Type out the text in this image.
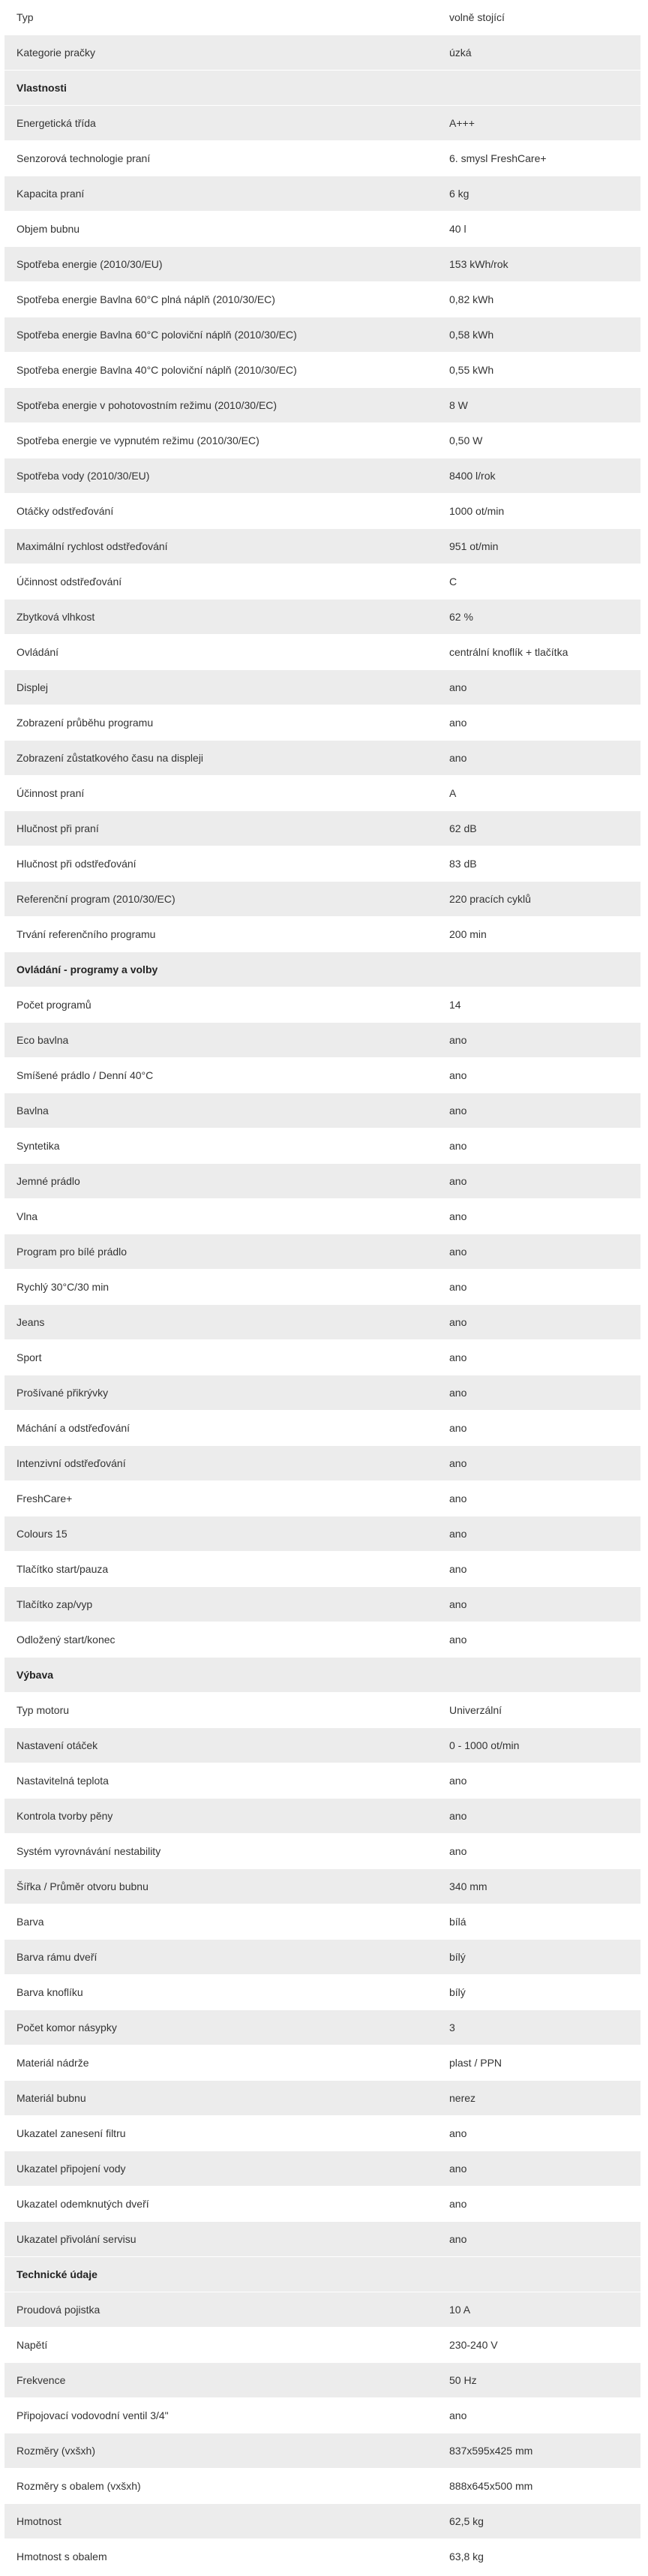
Typ	volně stojící
Kategorie pračky	úzká
Vlastnosti
Energetická třída	A+++
Senzorová technologie praní	6. smysl FreshCare+
Kapacita praní	6 kg
Objem bubnu	40 l
Spotřeba energie (2010/30/EU)	153 kWh/rok
Spotřeba energie Bavlna 60°C plná náplň (2010/30/EC)	0,82 kWh
Spotřeba energie Bavlna 60°C poloviční náplň (2010/30/EC)	0,58 kWh
Spotřeba energie Bavlna 40°C poloviční náplň (2010/30/EC)	0,55 kWh
Spotřeba energie v pohotovostním režimu (2010/30/EC)	8 W
Spotřeba energie ve vypnutém režimu (2010/30/EC)	0,50 W
Spotřeba vody (2010/30/EU)	8400 l/rok
Otáčky odstřeďování	1000 ot/min
Maximální rychlost odstřeďování	951 ot/min
Účinnost odstřeďování	C
Zbytková vlhkost	62 %
Ovládání	centrální knoflík + tlačítka
Displej	ano
Zobrazení průběhu programu	ano
Zobrazení zůstatkového času na displeji	ano
Účinnost praní	A
Hlučnost při praní	62 dB
Hlučnost při odstřeďování	83 dB
Referenční program (2010/30/EC)	220 pracích cyklů
Trvání referenčního programu	200 min
Ovládání - programy a volby
Počet programů	14
Eco bavlna	ano
Smíšené prádlo / Denní 40°C	ano
Bavlna	ano
Syntetika	ano
Jemné prádlo	ano
Vlna	ano
Program pro bílé prádlo	ano
Rychlý 30°C/30 min	ano
Jeans	ano
Sport	ano
Prošívané přikrývky	ano
Máchání a odstřeďování	ano
Intenzivní odstřeďování	ano
FreshCare+	ano
Colours 15	ano
Tlačítko start/pauza	ano
Tlačítko zap/vyp	ano
Odložený start/konec	ano
Výbava
Typ motoru	Univerzální
Nastavení otáček	0 - 1000 ot/min
Nastavitelná teplota	ano
Kontrola tvorby pěny	ano
Systém vyrovnávání nestability	ano
Šířka / Průměr otvoru bubnu	340 mm
Barva	bílá
Barva rámu dveří	bílý
Barva knoflíku	bílý
Počet komor násypky	3
Materiál nádrže	plast / PPN
Materiál bubnu	nerez
Ukazatel zanesení filtru	ano
Ukazatel připojení vody	ano
Ukazatel odemknutých dveří	ano
Ukazatel přivolání servisu	ano
Technické údaje
Proudová pojistka	10 A
Napětí	230-240 V
Frekvence	50 Hz
Připojovací vodovodní ventil 3/4"	ano
Rozměry (vxšxh)	837x595x425 mm
Rozměry s obalem (vxšxh)	888x645x500 mm
Hmotnost	62,5 kg
Hmotnost s obalem	63,8 kg
